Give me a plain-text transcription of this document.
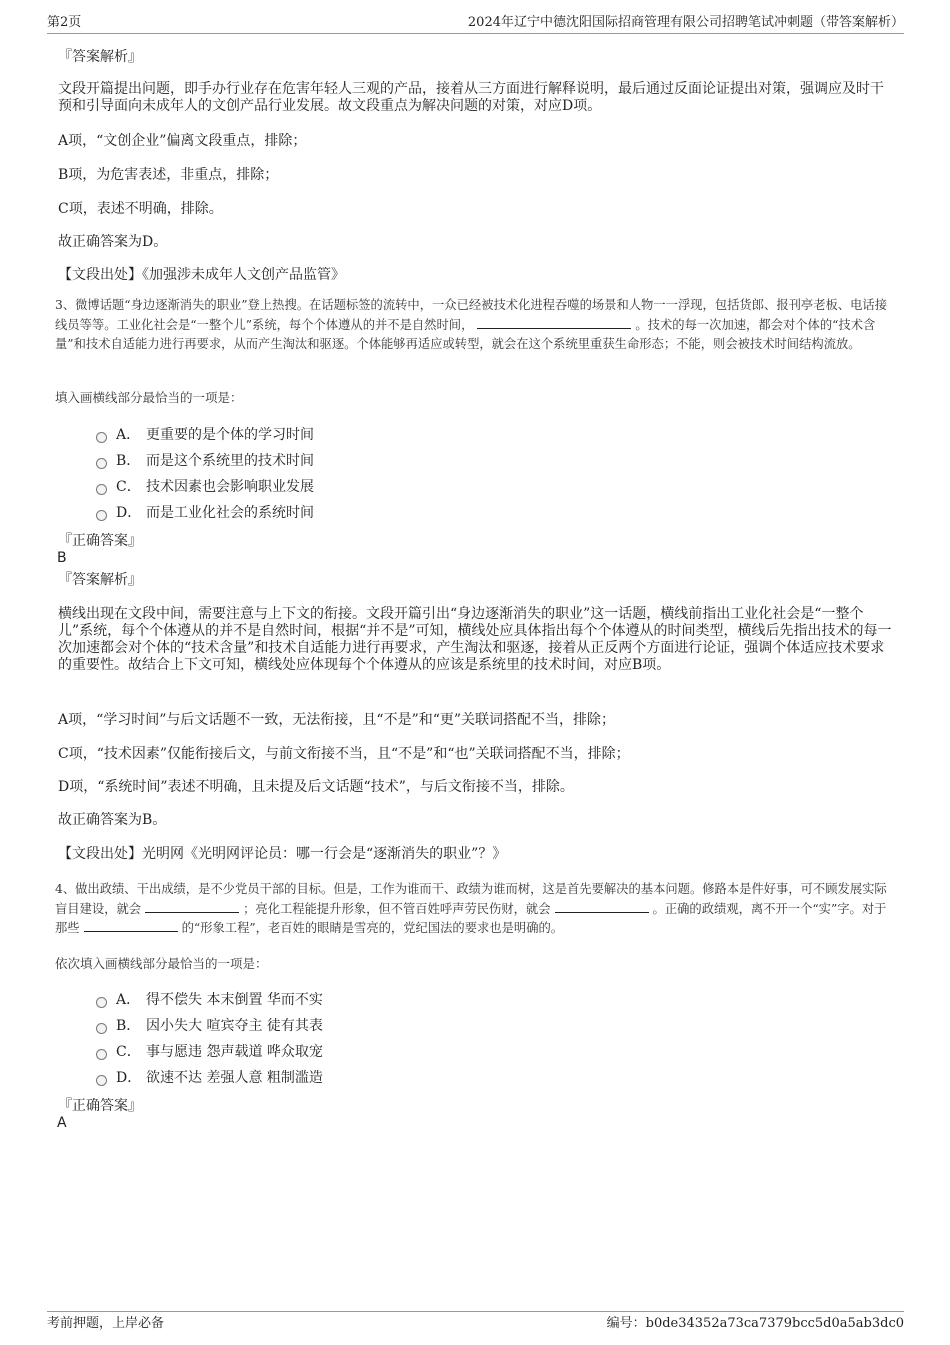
第2页	2024年辽宁中德沈阳国际招商管理有限公司招聘笔试冲刺题（带答案解析）
『答案解析』
文段开篇提出问题，即手办行业存在危害年轻人三观的产品，接着从三方面进行解释说明，最后通过反面论证提出对策，强调应及时干预和引导面向未成年人的文创产品行业发展。故文段重点为解决问题的对策，对应D项。
A项，“文创企业”偏离文段重点，排除；
B项，为危害表述，非重点，排除；
C项，表述不明确，排除。
故正确答案为D。
【文段出处】《加强涉未成年人文创产品监管》
3、微博话题“身边逐渐消失的职业”登上热搜。在话题标签的流转中，一众已经被技术化进程吞噬的场景和人物一一浮现，包括货郎、报刊亭老板、电话接线员等等。工业化社会是“一整个儿”系统，每个个体遵从的并不是自然时间，	。技术的每一次加速，都会对个体的“技术含量”和技术自适能力进行再要求，从而产生淘汰和驱逐。个体能够再适应或转型，就会在这个系统里重获生命形态；不能，则会被技术时间结构流放。
填入画横线部分最恰当的一项是：
A． 更重要的是个体的学习时间
B． 而是这个系统里的技术时间
C． 技术因素也会影响职业发展
D． 而是工业化社会的系统时间
『正确答案』
B
『答案解析』
横线出现在文段中间，需要注意与上下文的衔接。文段开篇引出“身边逐渐消失的职业”这一话题，横线前指出工业化社会是“一整个儿”系统，每个个体遵从的并不是自然时间，根据“并不是”可知，横线处应具体指出每个个体遵从的时间类型，横线后先指出技术的每一次加速都会对个体的“技术含量”和技术自适能力进行再要求，产生淘汰和驱逐，接着从正反两个方面进行论证，强调个体适应技术要求的重要性。故结合上下文可知，横线处应体现每个个体遵从的应该是系统里的技术时间，对应B项。
A项，“学习时间”与后文话题不一致，无法衔接，且“不是”和“更”关联词搭配不当，排除；
C项，“技术因素”仅能衔接后文，与前文衔接不当，且“不是”和“也”关联词搭配不当，排除；
D项，“系统时间”表述不明确，且未提及后文话题“技术”，与后文衔接不当，排除。
故正确答案为B。
【文段出处】光明网《光明网评论员：哪一行会是“逐渐消失的职业”？》
4、做出政绩、干出成绩，是不少党员干部的目标。但是，工作为谁而干、政绩为谁而树，这是首先要解决的基本问题。修路本是件好事，可不顾发展实际盲目建设，就会	；亮化工程能提升形象，但不管百姓呼声劳民伤财，就会	。正确的政绩观，离不开一个“实”字。对于那些	的“形象工程”，老百姓的眼睛是雪亮的，党纪国法的要求也是明确的。
依次填入画横线部分最恰当的一项是：
A． 得不偿失 本末倒置 华而不实
B． 因小失大 喧宾夺主 徒有其表
C． 事与愿违 怨声载道 哗众取宠
D． 欲速不达 差强人意 粗制滥造
『正确答案』
A
考前押题，上岸必备	编号：b0de34352a73ca7379bcc5d0a5ab3dc0
